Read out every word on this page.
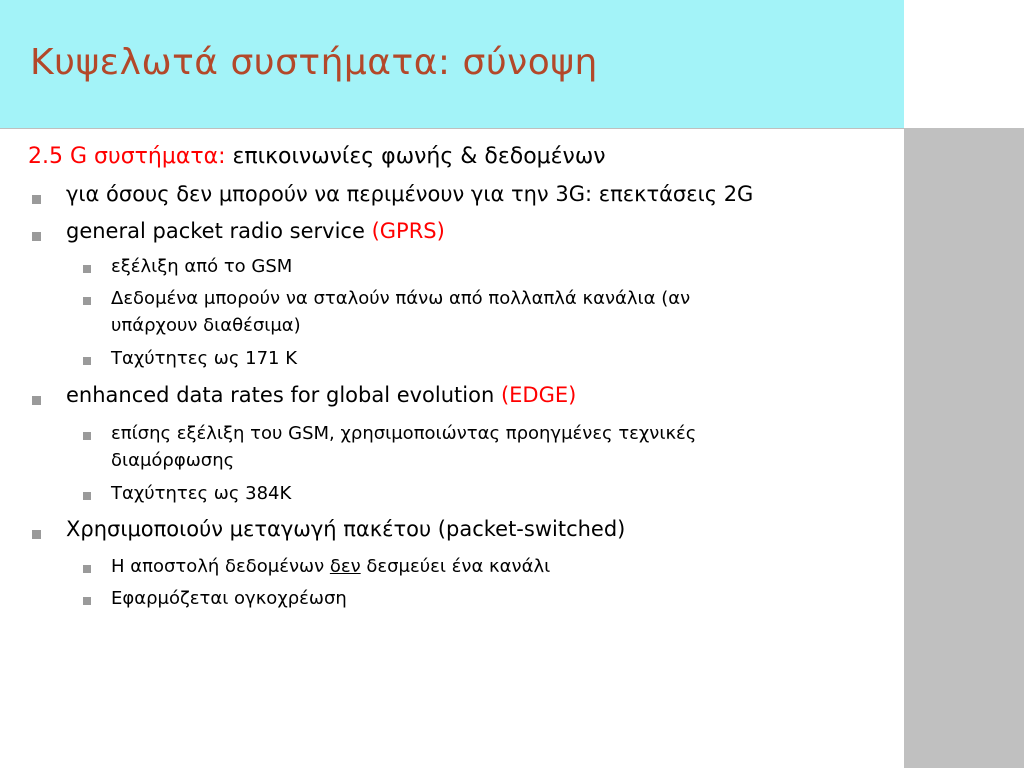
Κυψελωτά συστήματα: σύνοψη
2.5 G συστήματα: επικοινωνίες φωνής & δεδομένων
για όσους δεν μπορούν να περιμένουν για την 3G: επεκτάσεις 2G
general packet radio service (GPRS)
εξέλιξη από το GSM
Δεδομένα μπορούν να σταλούν πάνω από πολλαπλά κανάλια (αν
υπάρχουν διαθέσιμα)
Ταχύτητες ως 171 K
enhanced data rates for global evolution (EDGE)
επίσης εξέλιξη του GSM, χρησιμοποιώντας προηγμένες τεχνικές
διαμόρφωσης
Ταχύτητες ως 384K
Χρησιμοποιούν μεταγωγή πακέτου (packet-switched)
Η αποστολή δεδομένων δεν δεσμεύει ένα κανάλι
Εφαρμόζεται ογκοχρέωση
